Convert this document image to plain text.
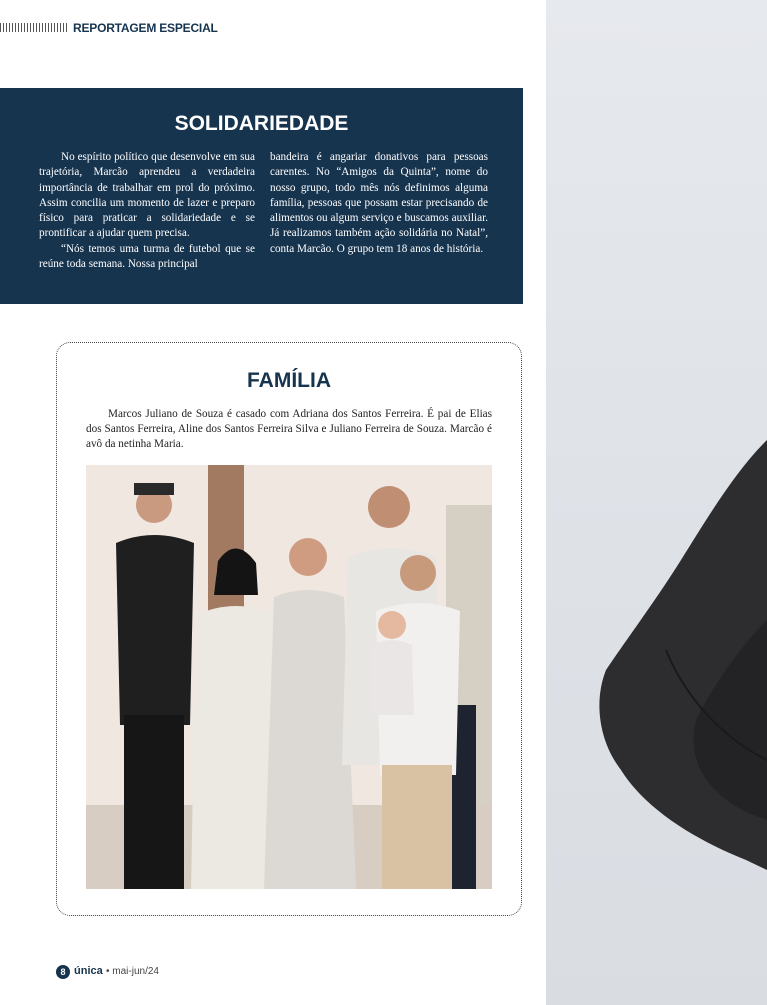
REPORTAGEM ESPECIAL
SOLIDARIEDADE

No espírito político que desenvolve em sua trajetória, Marcão aprendeu a verdadeira importância de trabalhar em prol do próximo. Assim concilia um momento de lazer e preparo físico para praticar a solidariedade e se prontificar a ajudar quem precisa.

“Nós temos uma turma de futebol que se reúne toda semana. Nossa principal

bandeira é angariar donativos para pessoas carentes. No “Amigos da Quinta”, nome do nosso grupo, todo mês nós definimos alguma família, pessoas que possam estar precisando de alimentos ou algum serviço e buscamos auxiliar. Já realizamos também ação solidária no Natal”, conta Marcão. O grupo tem 18 anos de história.

FAMÍLIA

Marcos Juliano de Souza é casado com Adriana dos Santos Ferreira. É pai de Elias dos Santos Ferreira, Aline dos Santos Ferreira Silva e Juliano Ferreira de Souza. Marcão é avô da netinha Maria.

8 única • mai-jun/24
